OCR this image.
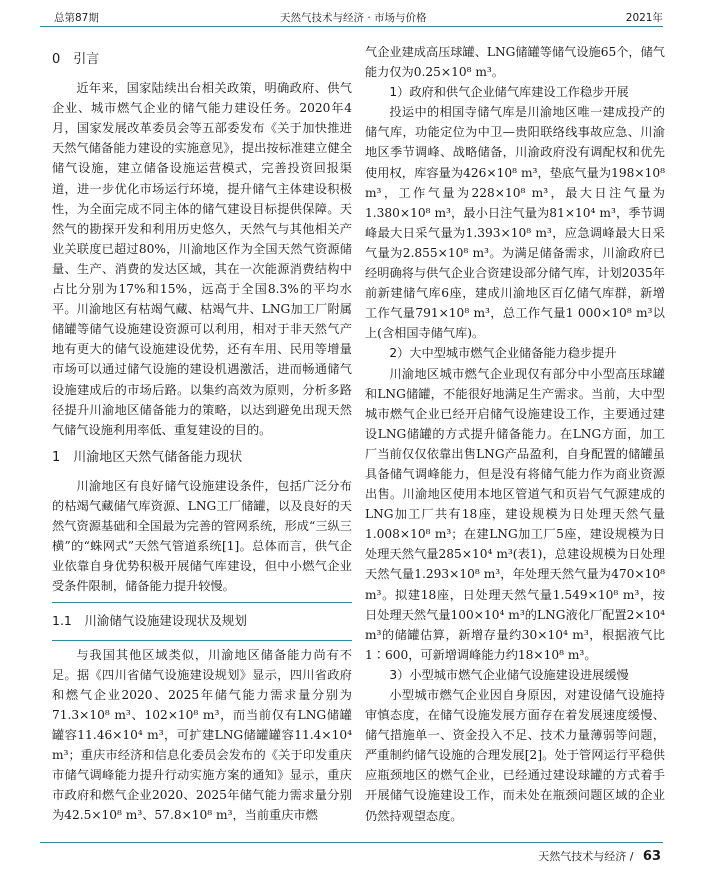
总第87期	天然气技术与经济 · 市场与价格	2021年
0　引言

近年来，国家陆续出台相关政策，明确政府、供气企业、城市燃气企业的储气能力建设任务。2020年4月，国家发展改革委员会等五部委发布《关于加快推进天然气储备能力建设的实施意见》，提出按标准建立健全储气设施，建立储备设施运营模式，完善投资回报渠道，进一步优化市场运行环境，提升储气主体建设积极性，为全面完成不同主体的储气建设目标提供保障。天然气的勘探开发和利用历史悠久，天然气与其他相关产业关联度已超过80%，川渝地区作为全国天然气资源储量、生产、消费的发达区域，其在一次能源消费结构中占比分别为17%和15%，远高于全国8.3%的平均水平。川渝地区有枯竭气藏、枯竭气井、LNG加工厂附属储罐等储气设施建设资源可以利用，相对于非天然气产地有更大的储气设施建设优势，还有车用、民用等增量市场可以通过储气设施的建设机遇激活，进而畅通储气设施建成后的市场后路。以集约高效为原则，分析多路径提升川渝地区储备能力的策略，以达到避免出现天然气储气设施利用率低、重复建设的目的。

1　川渝地区天然气储备能力现状

川渝地区有良好储气设施建设条件，包括广泛分布的枯竭气藏储气库资源、LNG工厂储罐，以及良好的天然气资源基础和全国最为完善的管网系统，形成“三纵三横”的“蛛网式”天然气管道系统[1]。总体而言，供气企业依靠自身优势积极开展储气库建设，但中小燃气企业受条件限制，储备能力提升较慢。

1.1　川渝储气设施建设现状及规划

与我国其他区域类似，川渝地区储备能力尚有不足。据《四川省储气设施建设规划》显示，四川省政府和燃气企业2020、2025年储气能力需求量分别为71.3×10⁸ m³、102×10⁸ m³，而当前仅有LNG储罐罐容11.46×10⁴ m³，可扩建LNG储罐罐容11.4×10⁴ m³；重庆市经济和信息化委员会发布的《关于印发重庆市储气调峰能力提升行动实施方案的通知》显示，重庆市政府和燃气企业2020、2025年储气能力需求量分别为42.5×10⁸ m³、57.8×10⁸ m³，当前重庆市燃

气企业建成高压球罐、LNG储罐等储气设施65个，储气能力仅为0.25×10⁸ m³。

1）政府和供气企业储气库建设工作稳步开展

投运中的相国寺储气库是川渝地区唯一建成投产的储气库，功能定位为中卫—贵阳联络线事故应急、川渝地区季节调峰、战略储备，川渝政府没有调配权和优先使用权，库容量为426×10⁸ m³，垫底气量为198×10⁸ m³，工作气量为228×10⁸ m³，最大日注气量为1.380×10⁸ m³，最小日注气量为81×10⁴ m³，季节调峰最大日采气量为1.393×10⁸ m³，应急调峰最大日采气量为2.855×10⁸ m³。为满足储备需求，川渝政府已经明确将与供气企业合资建设部分储气库，计划2035年前新建储气库6座，建成川渝地区百亿储气库群，新增工作气量791×10⁸ m³，总工作气量1 000×10⁸ m³以上(含相国寺储气库)。

2）大中型城市燃气企业储备能力稳步提升

川渝地区城市燃气企业现仅有部分中小型高压球罐和LNG储罐，不能很好地满足生产需求。当前，大中型城市燃气企业已经开启储气设施建设工作，主要通过建设LNG储罐的方式提升储备能力。在LNG方面，加工厂当前仅仅依靠出售LNG产品盈利，自身配置的储罐虽具备储气调峰能力，但是没有将储气能力作为商业资源出售。川渝地区使用本地区管道气和页岩气气源建成的LNG加工厂共有18座，建设规模为日处理天然气量1.008×10⁸ m³；在建LNG加工厂5座，建设规模为日处理天然气量285×10⁴ m³(表1)，总建设规模为日处理天然气量1.293×10⁸ m³，年处理天然气量为470×10⁸ m³。拟建18座，日处理天然气量1.549×10⁸ m³，按日处理天然气量100×10⁴ m³的LNG液化厂配置2×10⁴ m³的储罐估算，新增存量约30×10⁴ m³，根据液气比1∶600，可新增调峰能力约18×10⁸ m³。

3）小型城市燃气企业储气设施建设进展缓慢

小型城市燃气企业因自身原因，对建设储气设施持审慎态度，在储气设施发展方面存在着发展速度缓慢、储气措施单一、资金投入不足、技术力量薄弱等问题，严重制约储气设施的合理发展[2]。处于管网运行平稳供应瓶颈地区的燃气企业，已经通过建设球罐的方式着手开展储气设施建设工作，而未处在瓶颈问题区域的企业仍然持观望态度。

天然气技术与经济 / 63
